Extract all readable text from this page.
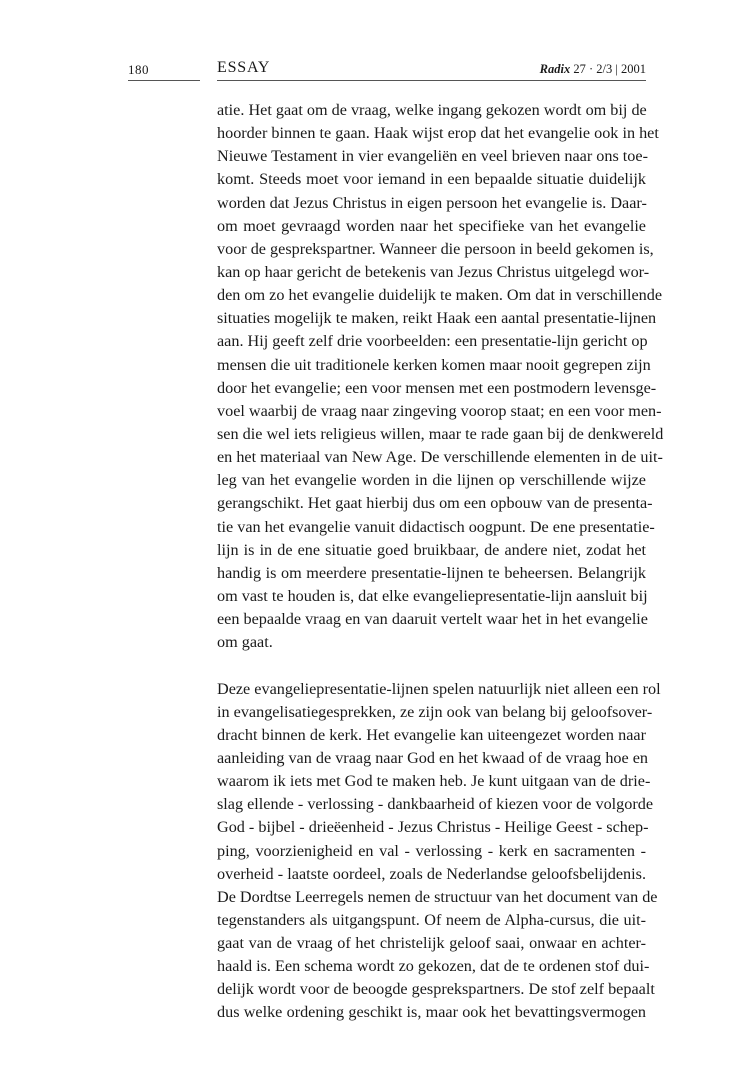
180	ESSAY	Radix 27 · 2/3 | 2001
atie. Het gaat om de vraag, welke ingang gekozen wordt om bij de
hoorder binnen te gaan. Haak wijst erop dat het evangelie ook in het
Nieuwe Testament in vier evangeliën en veel brieven naar ons toe-
komt. Steeds moet voor iemand in een bepaalde situatie duidelijk
worden dat Jezus Christus in eigen persoon het evangelie is. Daar-
om moet gevraagd worden naar het specifieke van het evangelie
voor de gesprekspartner. Wanneer die persoon in beeld gekomen is,
kan op haar gericht de betekenis van Jezus Christus uitgelegd wor-
den om zo het evangelie duidelijk te maken. Om dat in verschillende
situaties mogelijk te maken, reikt Haak een aantal presentatie-lijnen
aan. Hij geeft zelf drie voorbeelden: een presentatie-lijn gericht op
mensen die uit traditionele kerken komen maar nooit gegrepen zijn
door het evangelie; een voor mensen met een postmodern levensge-
voel waarbij de vraag naar zingeving voorop staat; en een voor men-
sen die wel iets religieus willen, maar te rade gaan bij de denkwereld
en het materiaal van New Age. De verschillende elementen in de uit-
leg van het evangelie worden in die lijnen op verschillende wijze
gerangschikt. Het gaat hierbij dus om een opbouw van de presenta-
tie van het evangelie vanuit didactisch oogpunt. De ene presentatie-
lijn is in de ene situatie goed bruikbaar, de andere niet, zodat het
handig is om meerdere presentatie-lijnen te beheersen. Belangrijk
om vast te houden is, dat elke evangeliepresentatie-lijn aansluit bij
een bepaalde vraag en van daaruit vertelt waar het in het evangelie
om gaat.
Deze evangeliepresentatie-lijnen spelen natuurlijk niet alleen een rol
in evangelisatiegesprekken, ze zijn ook van belang bij geloofsover-
dracht binnen de kerk. Het evangelie kan uiteengezet worden naar
aanleiding van de vraag naar God en het kwaad of de vraag hoe en
waarom ik iets met God te maken heb. Je kunt uitgaan van de drie-
slag ellende - verlossing - dankbaarheid of kiezen voor de volgorde
God - bijbel - drieëenheid - Jezus Christus - Heilige Geest - schep-
ping, voorzienigheid en val - verlossing - kerk en sacramenten -
overheid - laatste oordeel, zoals de Nederlandse geloofsbelijdenis.
De Dordtse Leerregels nemen de structuur van het document van de
tegenstanders als uitgangspunt. Of neem de Alpha-cursus, die uit-
gaat van de vraag of het christelijk geloof saai, onwaar en achter-
haald is. Een schema wordt zo gekozen, dat de te ordenen stof dui-
delijk wordt voor de beoogde gesprekspartners. De stof zelf bepaalt
dus welke ordening geschikt is, maar ook het bevattingsvermogen
